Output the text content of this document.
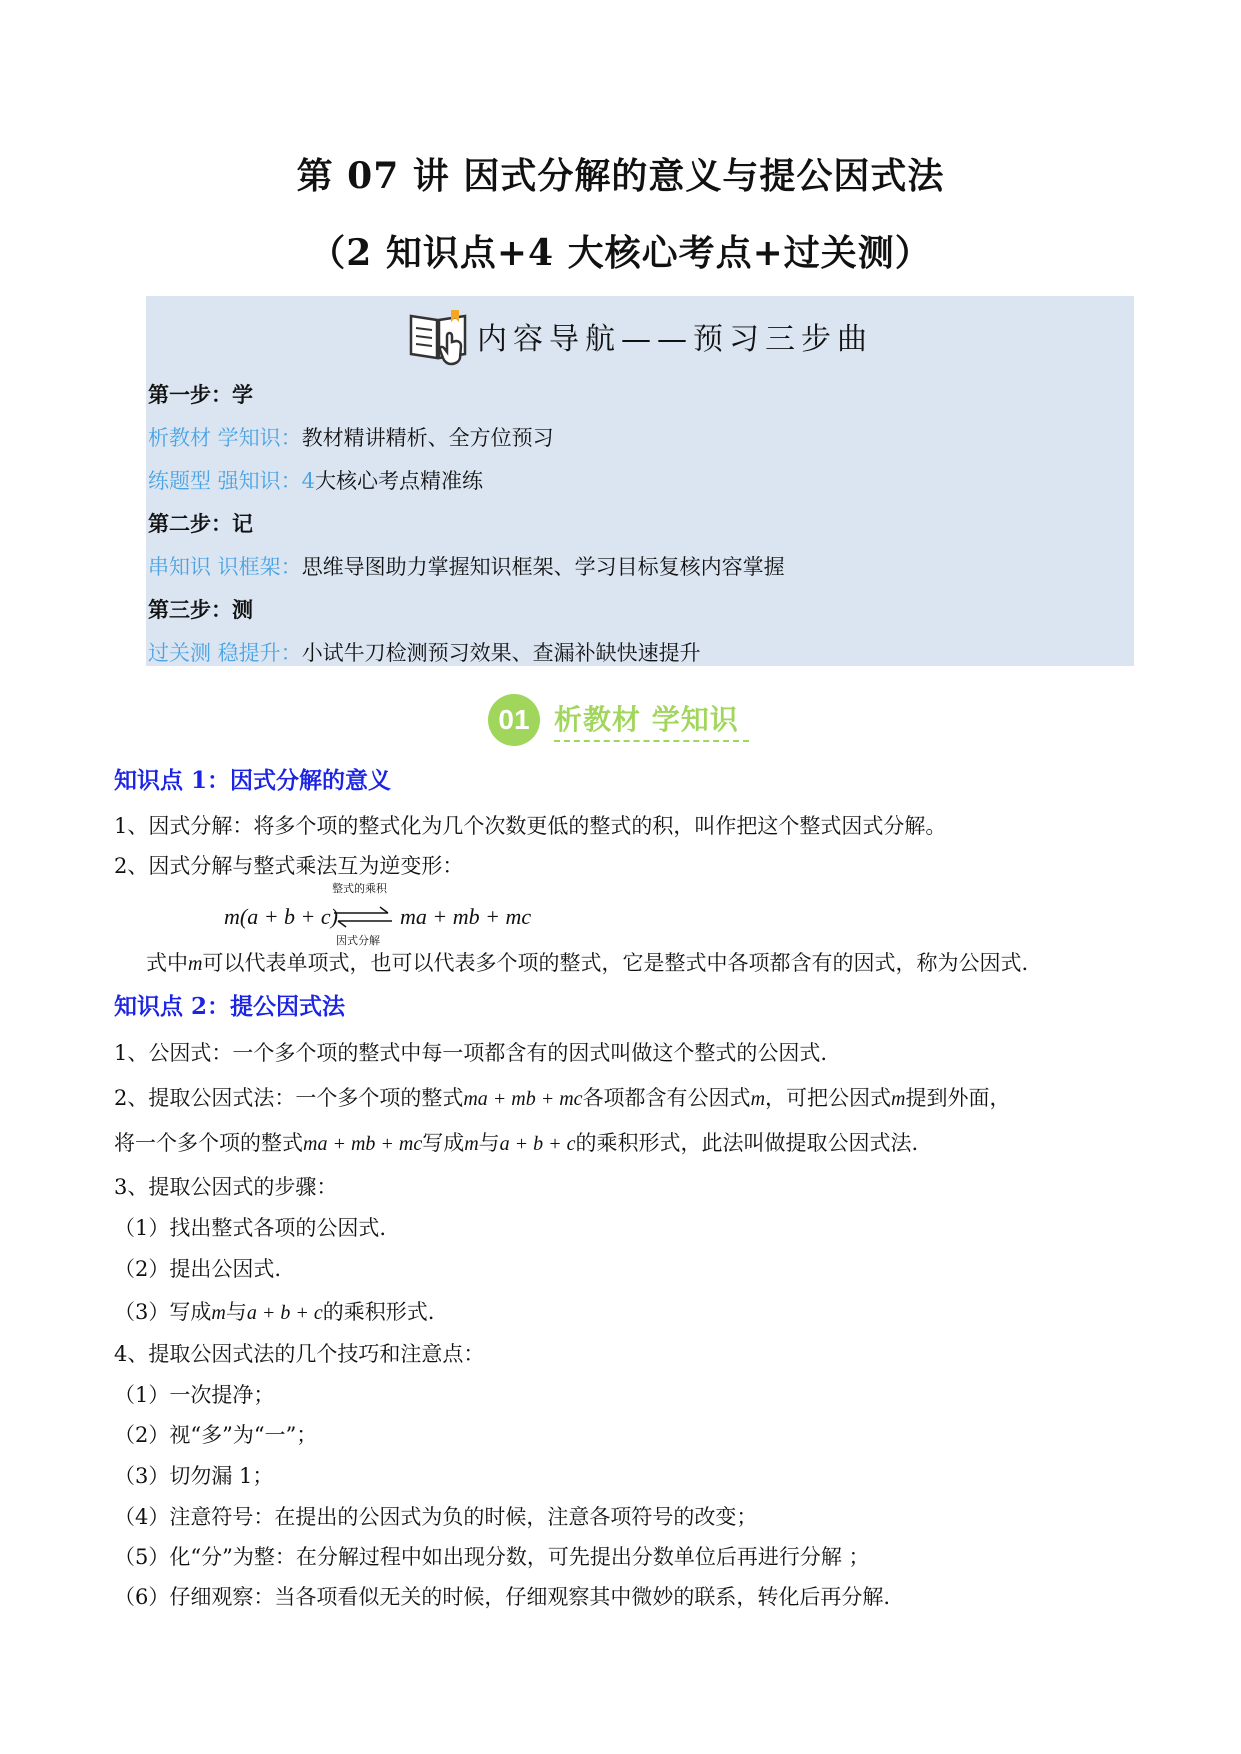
第 07 讲 因式分解的意义与提公因式法
（2 知识点+4 大核心考点+过关测）
内容导航——预习三步曲
第一步：学
析教材 学知识：教材精讲精析、全方位预习
练题型 强知识：4大核心考点精准练
第二步：记
串知识 识框架：思维导图助力掌握知识框架、学习目标复核内容掌握
第三步：测
过关测 稳提升：小试牛刀检测预习效果、查漏补缺快速提升
01 析教材 学知识
知识点 1：因式分解的意义
1、因式分解：将多个项的整式化为几个次数更低的整式的积，叫作把这个整式因式分解。
2、因式分解与整式乘法互为逆变形：
整式的乘积
m(a + b + c)	ma + mb + mc
因式分解
式中m可以代表单项式，也可以代表多个项的整式，它是整式中各项都含有的因式，称为公因式.
知识点 2：提公因式法
1、公因式：一个多个项的整式中每一项都含有的因式叫做这个整式的公因式.
2、提取公因式法：一个多个项的整式ma + mb + mc各项都含有公因式m，可把公因式m提到外面，
将一个多个项的整式ma + mb + mc写成m与a + b + c的乘积形式，此法叫做提取公因式法.
3、提取公因式的步骤：
（1）找出整式各项的公因式.
（2）提出公因式.
（3）写成m与a + b + c的乘积形式.
4、提取公因式法的几个技巧和注意点：
（1）一次提净；
（2）视“多”为“一”；
（3）切勿漏 1；
（4）注意符号：在提出的公因式为负的时候，注意各项符号的改变；
（5）化“分”为整：在分解过程中如出现分数，可先提出分数单位后再进行分解 ；
（6）仔细观察：当各项看似无关的时候，仔细观察其中微妙的联系，转化后再分解.
